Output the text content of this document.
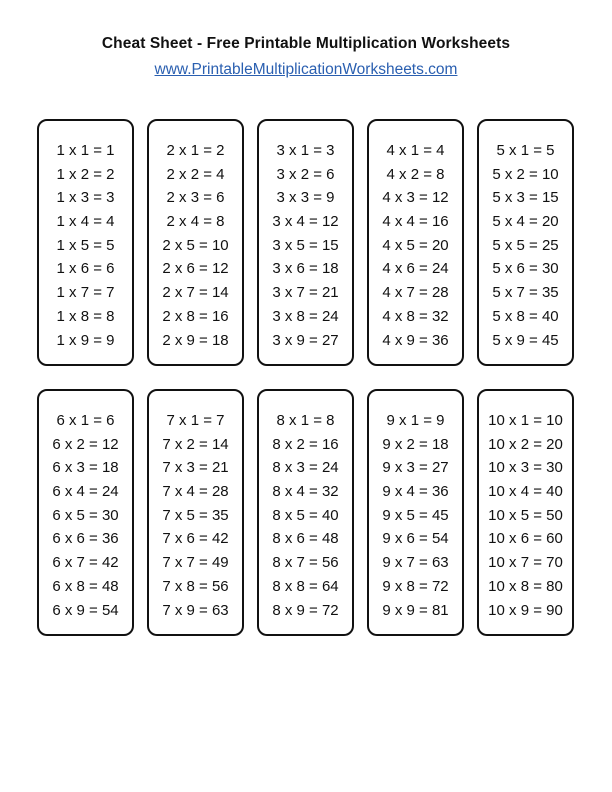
Cheat Sheet - Free Printable Multiplication Worksheets
www.PrintableMultiplicationWorksheets.com
1 x 1 = 1
1 x 2 = 2
1 x 3 = 3
1 x 4 = 4
1 x 5 = 5
1 x 6 = 6
1 x 7 = 7
1 x 8 = 8
1 x 9 = 9
2 x 1 = 2
2 x 2 = 4
2 x 3 = 6
2 x 4 = 8
2 x 5 = 10
2 x 6 = 12
2 x 7 = 14
2 x 8 = 16
2 x 9 = 18
3 x 1 = 3
3 x 2 = 6
3 x 3 = 9
3 x 4 = 12
3 x 5 = 15
3 x 6 = 18
3 x 7 = 21
3 x 8 = 24
3 x 9 = 27
4 x 1 = 4
4 x 2 = 8
4 x 3 = 12
4 x 4 = 16
4 x 5 = 20
4 x 6 = 24
4 x 7 = 28
4 x 8 = 32
4 x 9 = 36
5 x 1 = 5
5 x 2 = 10
5 x 3 = 15
5 x 4 = 20
5 x 5 = 25
5 x 6 = 30
5 x 7 = 35
5 x 8 = 40
5 x 9 = 45
6 x 1 = 6
6 x 2 = 12
6 x 3 = 18
6 x 4 = 24
6 x 5 = 30
6 x 6 = 36
6 x 7 = 42
6 x 8 = 48
6 x 9 = 54
7 x 1 = 7
7 x 2 = 14
7 x 3 = 21
7 x 4 = 28
7 x 5 = 35
7 x 6 = 42
7 x 7 = 49
7 x 8 = 56
7 x 9 = 63
8 x 1 = 8
8 x 2 = 16
8 x 3 = 24
8 x 4 = 32
8 x 5 = 40
8 x 6 = 48
8 x 7 = 56
8 x 8 = 64
8 x 9 = 72
9 x 1 = 9
9 x 2 = 18
9 x 3 = 27
9 x 4 = 36
9 x 5 = 45
9 x 6 = 54
9 x 7 = 63
9 x 8 = 72
9 x 9 = 81
10 x 1 = 10
10 x 2 = 20
10 x 3 = 30
10 x 4 = 40
10 x 5 = 50
10 x 6 = 60
10 x 7 = 70
10 x 8 = 80
10 x 9 = 90
